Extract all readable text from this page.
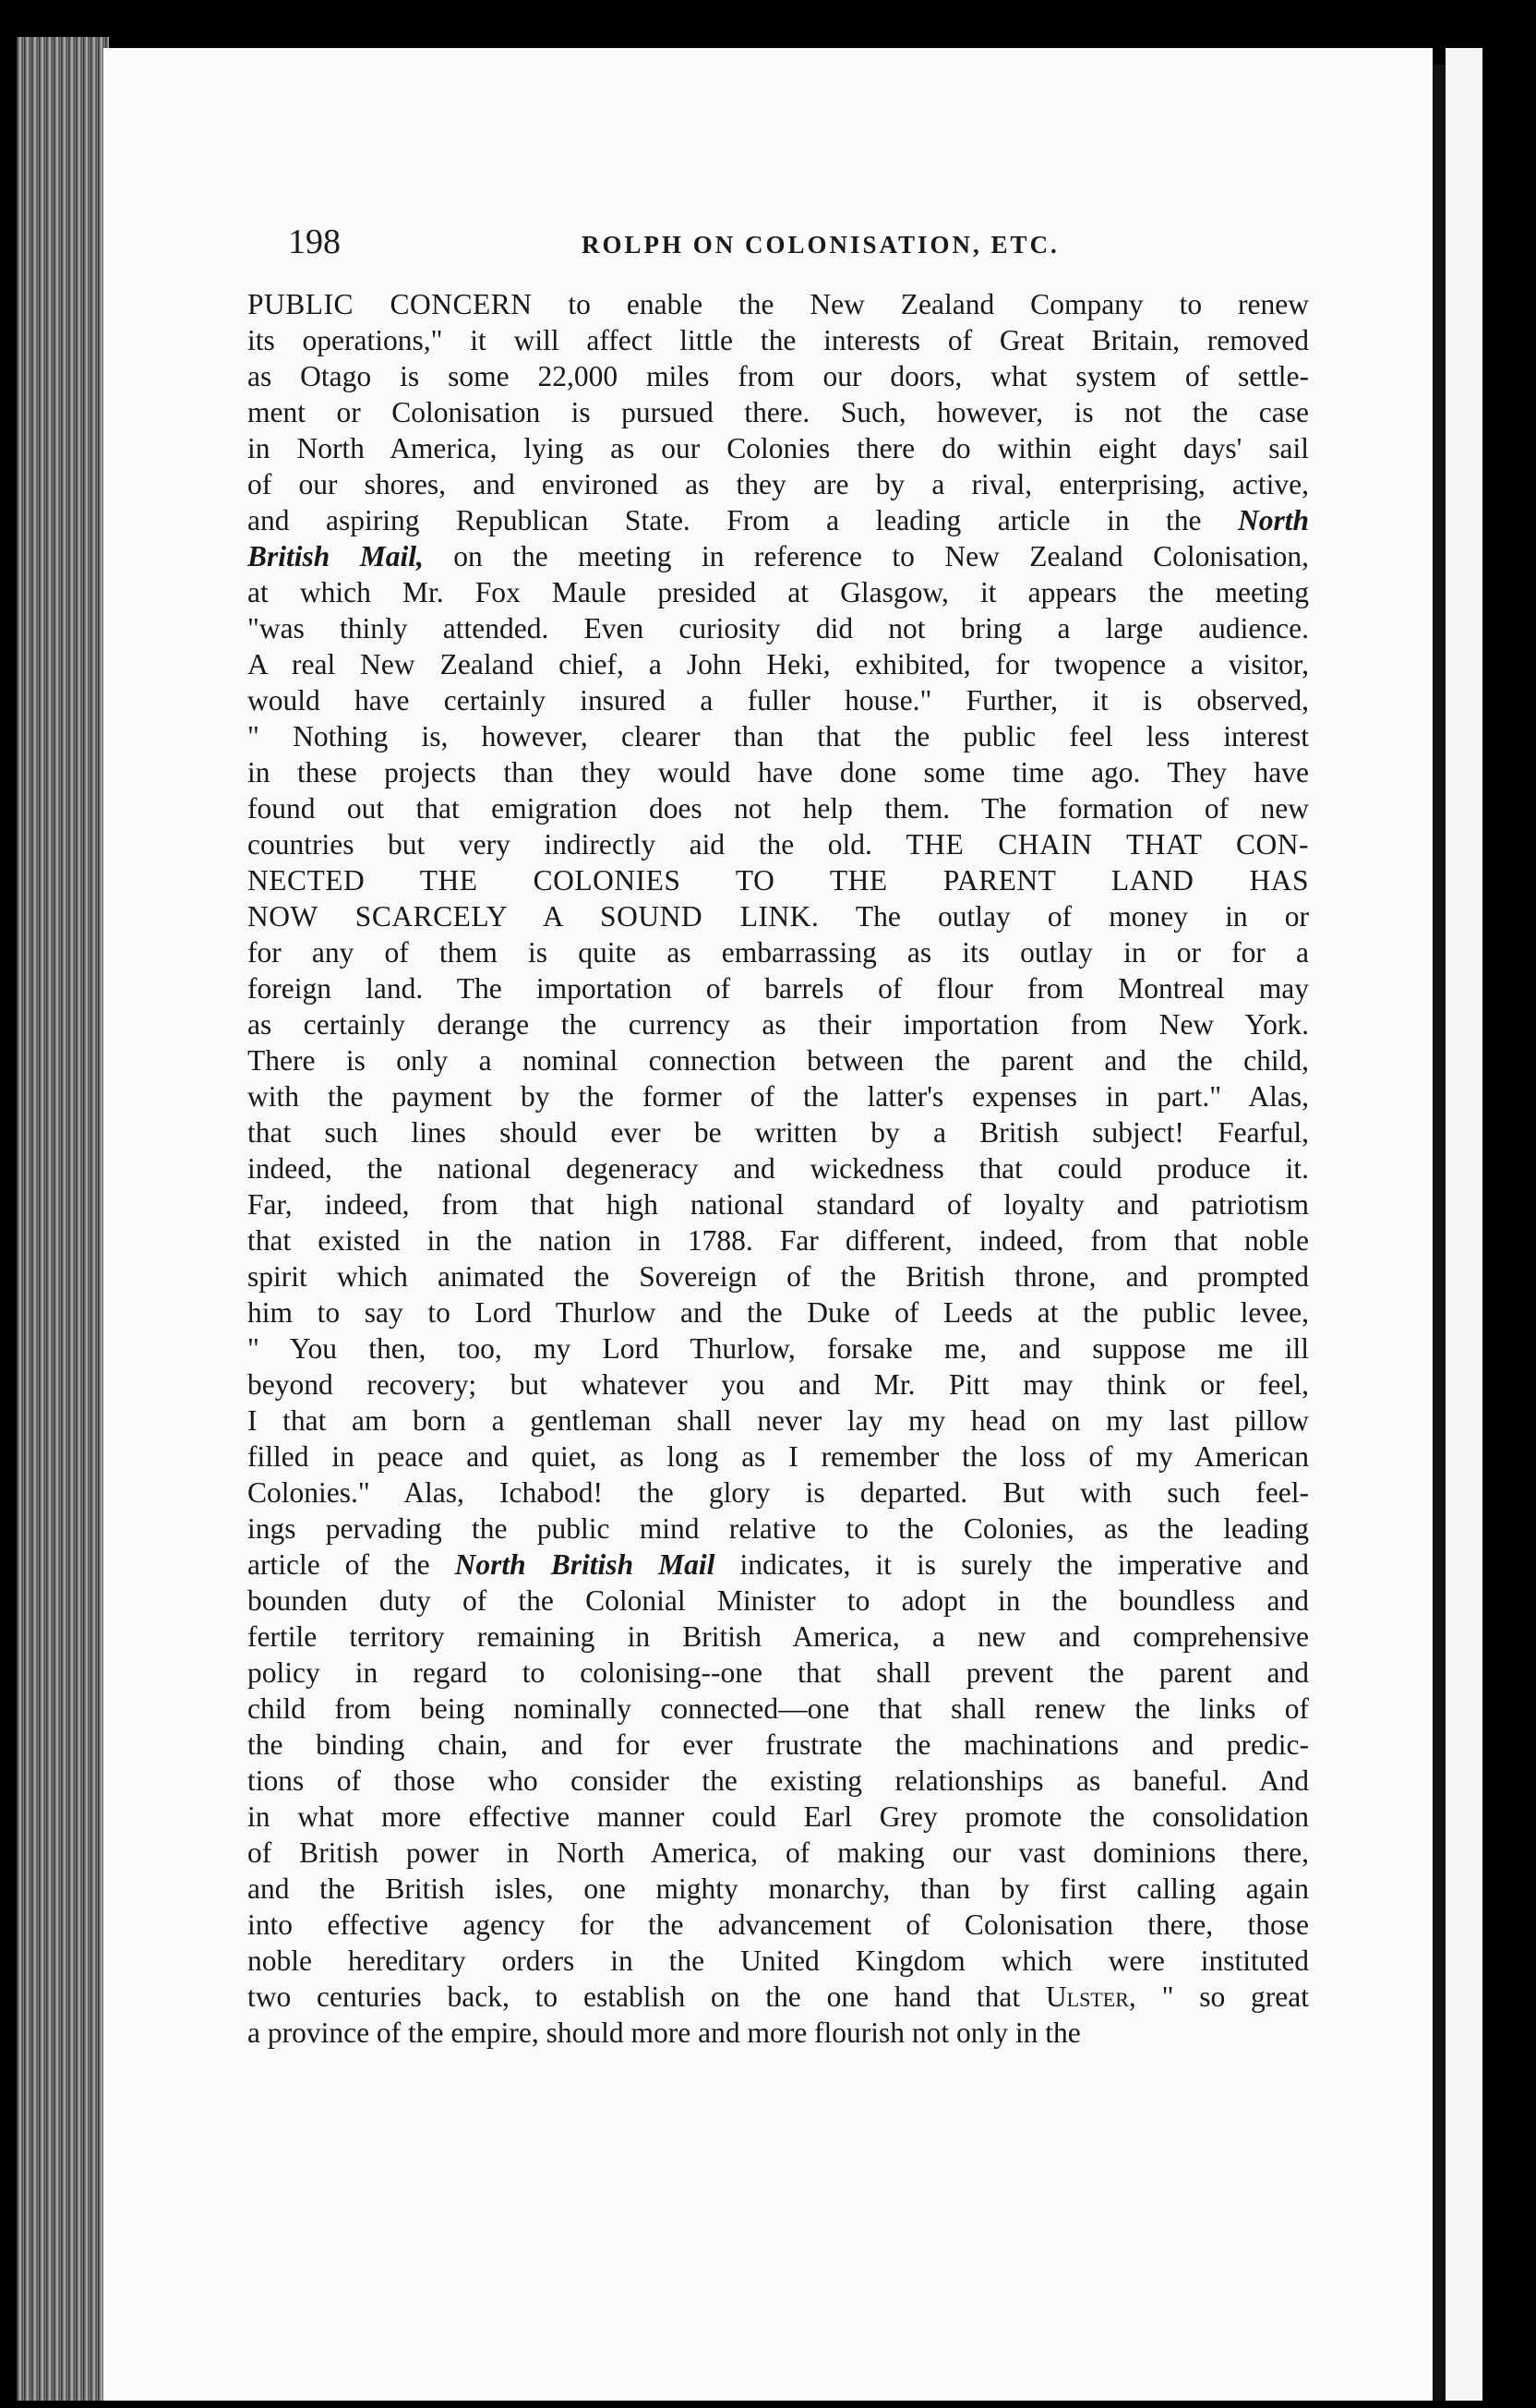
198	ROLPH ON COLONISATION, ETC.
PUBLIC CONCERN to enable the New Zealand Company to renew
its operations," it will affect little the interests of Great Britain, removed
as Otago is some 22,000 miles from our doors, what system of settle-
ment or Colonisation is pursued there. Such, however, is not the case
in North America, lying as our Colonies there do within eight days' sail
of our shores, and environed as they are by a rival, enterprising, active,
and aspiring Republican State. From a leading article in the North
British Mail, on the meeting in reference to New Zealand Colonisation,
at which Mr. Fox Maule presided at Glasgow, it appears the meeting
"was thinly attended. Even curiosity did not bring a large audience.
A real New Zealand chief, a John Heki, exhibited, for twopence a visitor,
would have certainly insured a fuller house." Further, it is observed,
" Nothing is, however, clearer than that the public feel less interest
in these projects than they would have done some time ago. They have
found out that emigration does not help them. The formation of new
countries but very indirectly aid the old. THE CHAIN THAT CON-
NECTED THE COLONIES TO THE PARENT LAND HAS
NOW SCARCELY A SOUND LINK. The outlay of money in or
for any of them is quite as embarrassing as its outlay in or for a
foreign land. The importation of barrels of flour from Montreal may
as certainly derange the currency as their importation from New York.
There is only a nominal connection between the parent and the child,
with the payment by the former of the latter's expenses in part." Alas,
that such lines should ever be written by a British subject! Fearful,
indeed, the national degeneracy and wickedness that could produce it.
Far, indeed, from that high national standard of loyalty and patriotism
that existed in the nation in 1788. Far different, indeed, from that noble
spirit which animated the Sovereign of the British throne, and prompted
him to say to Lord Thurlow and the Duke of Leeds at the public levee,
" You then, too, my Lord Thurlow, forsake me, and suppose me ill
beyond recovery; but whatever you and Mr. Pitt may think or feel,
I that am born a gentleman shall never lay my head on my last pillow
filled in peace and quiet, as long as I remember the loss of my American
Colonies." Alas, Ichabod! the glory is departed. But with such feel-
ings pervading the public mind relative to the Colonies, as the leading
article of the North British Mail indicates, it is surely the imperative and
bounden duty of the Colonial Minister to adopt in the boundless and
fertile territory remaining in British America, a new and comprehensive
policy in regard to colonising--one that shall prevent the parent and
child from being nominally connected—one that shall renew the links of
the binding chain, and for ever frustrate the machinations and predic-
tions of those who consider the existing relationships as baneful. And
in what more effective manner could Earl Grey promote the consolidation
of British power in North America, of making our vast dominions there,
and the British isles, one mighty monarchy, than by first calling again
into effective agency for the advancement of Colonisation there, those
noble hereditary orders in the United Kingdom which were instituted
two centuries back, to establish on the one hand that Ulster, " so great
a province of the empire, should more and more flourish not only in the
